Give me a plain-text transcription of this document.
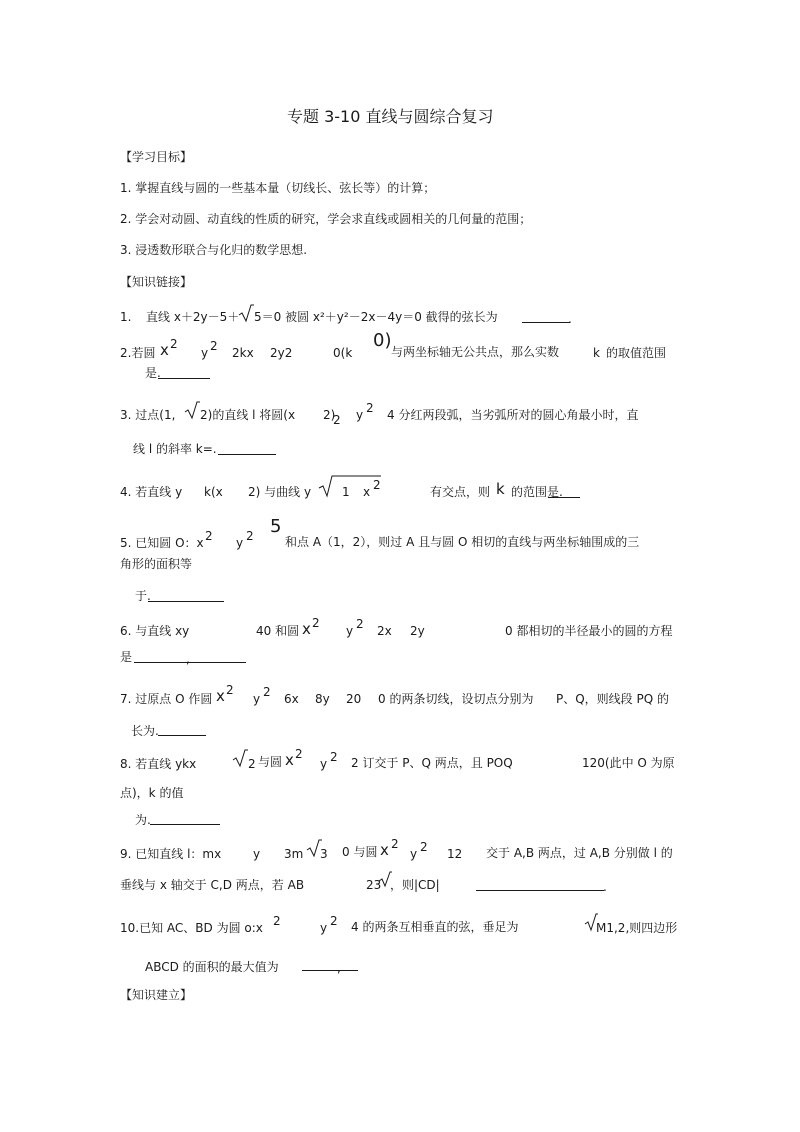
专题 3-10 直线与圆综合复习
【学习目标】
1. 掌握直线与圆的一些基本量（切线长、弦长等）的计算；
2. 学会对动圆、动直线的性质的研究，学会求直线或圆相关的几何量的范围；
3. 浸透数形联合与化归的数学思想.
【知识链接】
1. 直线 x＋2y－5＋ 5＝0 被圆 x²＋y²－2x－4y＝0 截得的弦长为	.
2.若圆 x 2
y 2 2kx 2y2	0(k
0)
与两坐标轴无公共点，那么实数	k 的取值范围
是.
3. 过点(1, 2)的直线 l 将圆(x 2)
2 y 2 4 分红两段弧，当劣弧所对的圆心角最小时，直
线 l 的斜率 k=.
4. 若直线 y k(x 2) 与曲线 y	1 x 2	有交点，则 k 的范围是.
5. 已知圆 O：x 2 y 2 5
和点 A（1，2），则过 A 且与圆 O 相切的直线与两坐标轴围成的三
角形的面积等
于.
6. 与直线 xy	40 和圆 x 2
y 2 2x 2y	0 都相切的半径最小的圆的方程
是	,
7. 过原点 O 作圆 x 2
y 2 6x 8y 20 0 的两条切线，设切点分别为 P、Q，则线段 PQ 的
长为.
8. 若直线 ykx	2 与圆 x 2
y 2 2 订交于 P、Q 两点，且 POQ	120(此中 O 为原
点)，k 的值
为.
9. 已知直线 l：mx	y 3m 3 0 与圆 x 2
y 2 12 交于 A,B 两点，过 A,B 分别做 l 的
垂线与 x 轴交于 C,D 两点，若 AB	23 ，则|CD|	.
10.已知 AC、BD 为圆 o:x 2	y 2 4 的两条互相垂直的弦，垂足为	M1,2,则四边形
ABCD 的面积的最大值为	,
【知识建立】
